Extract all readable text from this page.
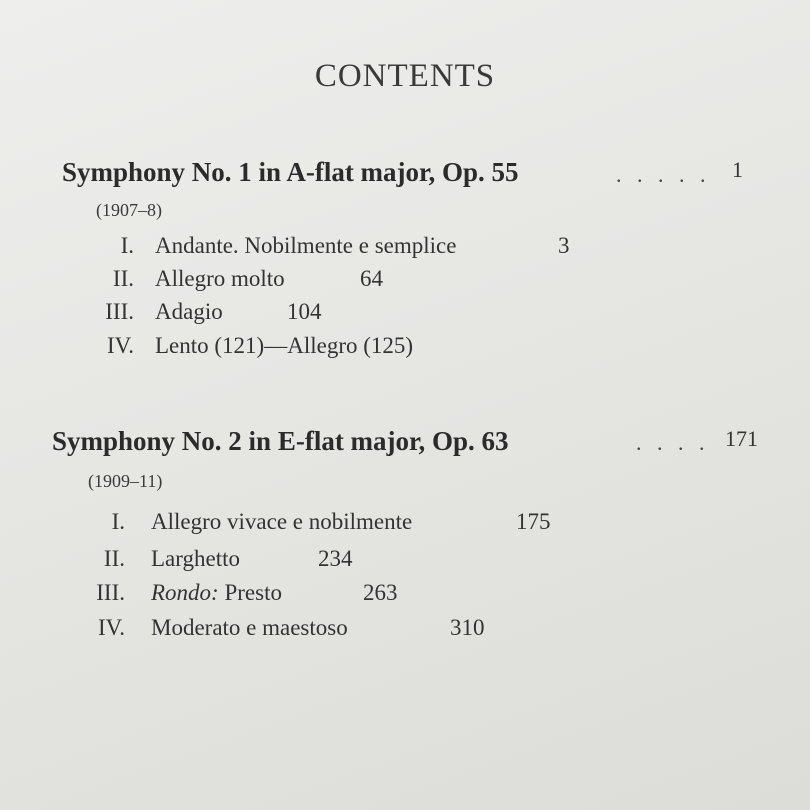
CONTENTS
Symphony No. 1 in A-flat major, Op. 55	. . . . . 1
(1907–8)
I. Andante. Nobilmente e semplice	3
II. Allegro molto	64
III. Adagio	104
IV. Lento (121)—Allegro (125)
Symphony No. 2 in E-flat major, Op. 63	. . . . 171
(1909–11)
I. Allegro vivace e nobilmente	175
II. Larghetto	234
III. Rondo: Presto	263
IV. Moderato e maestoso	310
